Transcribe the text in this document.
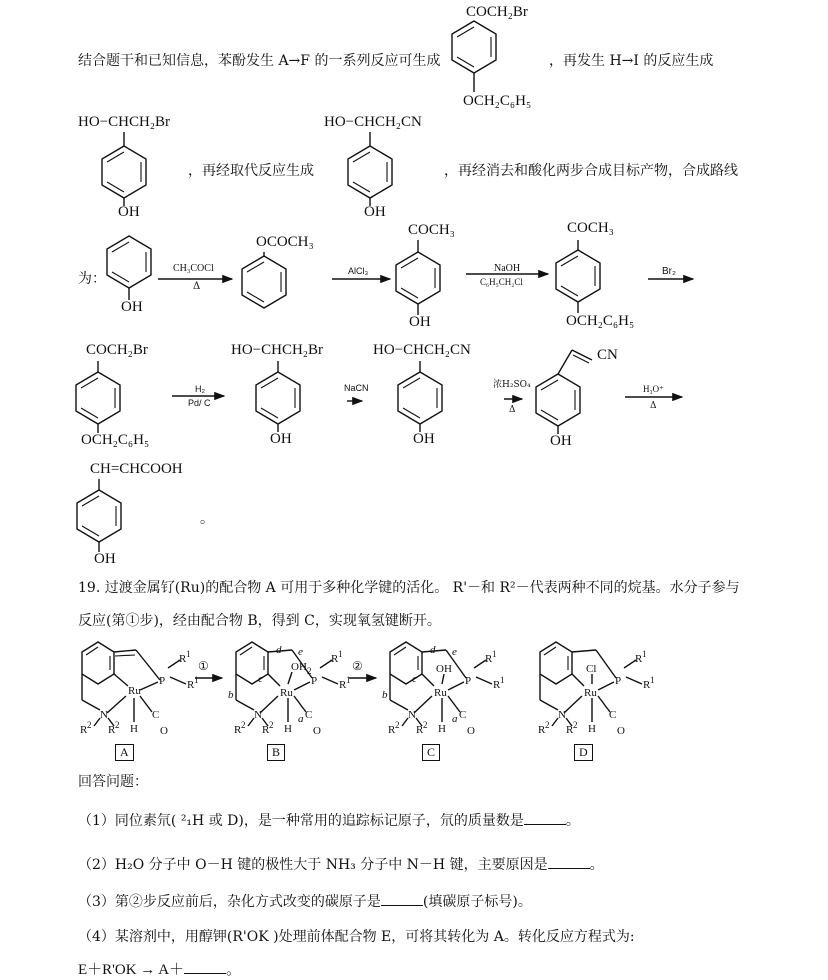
结合题干和已知信息，苯酚发生 A→F 的一系列反应可生成	，再发生 H→I 的反应生成
COCH₂Br
OCH₂C₆H₅
，再经取代反应生成	，再经消去和酸化两步合成目标产物，合成路线
HO−CHCH₂Br
OH
HO−CHCH₂CN
OH
为：
OH
OCOCH₃
COCH₃
OH
COCH₃
OCH₂C₆H₅
CH₃COCl
Δ
AlCl₃	NaOH
C₆H₅CH₂Cl
Br₂
COCH₂Br
OCH₂C₆H₅
HO−CHCH₂Br
OH
HO−CHCH₂CN
OH
CN
OH
H₂
Pd/ C
NaCN	浓H₂SO₄
Δ
H₃O⁺
Δ
CH=CHCOOH
OH
。
19. 过渡金属钌(Ru)的配合物 A 可用于多种化学键的活化。 R'－和 R²－代表两种不同的烷基。水分子参与
反应(第①步)，经由配合物 B，得到 C，实现氧氢键断开。
A	B	C	D
①	②
回答问题：
（1）同位素氘( ²₁H 或 D)，是一种常用的追踪标记原子，氘的质量数是	。
（2）H₂O 分子中 O－H 键的极性大于 NH₃ 分子中 N－H 键，主要原因是	。
（3）第②步反应前后，杂化方式改变的碳原子是	(填碳原子标号)。
（4）某溶剂中，用醇钾(R'OK )处理前体配合物 E，可将其转化为 A。转化反应方程式为:
E＋R'OK → A＋	。
Ru
N
P
H
C
O
R 1
R 1
R 2 R 2
Ru
N
P
H
C
O
OH 2
R 1
R 1
R 2 R 2
d e
c
b
a
Ru
N
P
H
C
O
OH
R 1
R 1
R 2 R 2
d e
c
b
a
Ru
N
P
H
C
O
Cl
R 1
R 1
R 2 R 2
